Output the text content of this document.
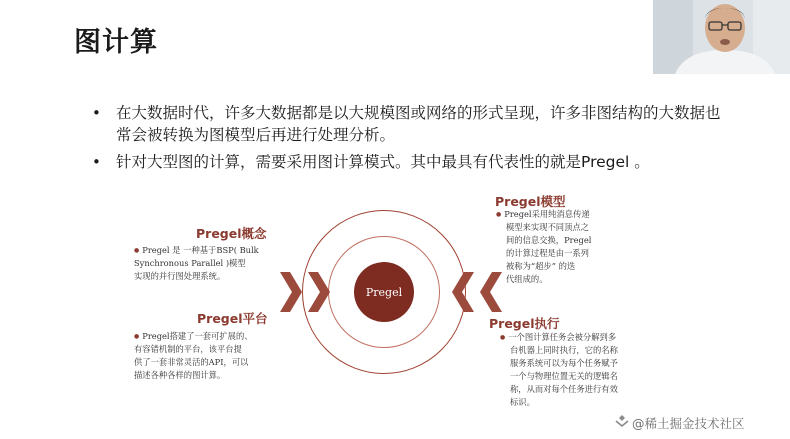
图计算
• 在大数据时代，许多大数据都是以大规模图或网络的形式呈现，许多非图结构的大数据也常会被转换为图模型后再进行处理分析。
• 针对大型图的计算，需要采用图计算模式。其中最具有代表性的就是Pregel 。
Pregel概念
● Pregel 是 一种基于BSP( Bulk
Synchronous Parallel )模型
实现的并行图处理系统。
Pregel平台
● Pregel搭建了一套可扩展的、
有容错机制的平台，该平台提
供了一套非常灵活的API，可以
描述各种各样的图计算。
Pregel模型
● Pregel采用纯消息传递
模型来实现不同顶点之
间的信息交换，Pregel
的计算过程是由一系列
被称为“超步” 的迭
代组成的。
Pregel执行
● 一个图计算任务会被分解到多
台机器上同时执行，它的名称
服务系统可以为每个任务赋予
一个与物理位置无关的逻辑名
称，从而对每个任务进行有效
标识。
Pregel
@稀土掘金技术社区
